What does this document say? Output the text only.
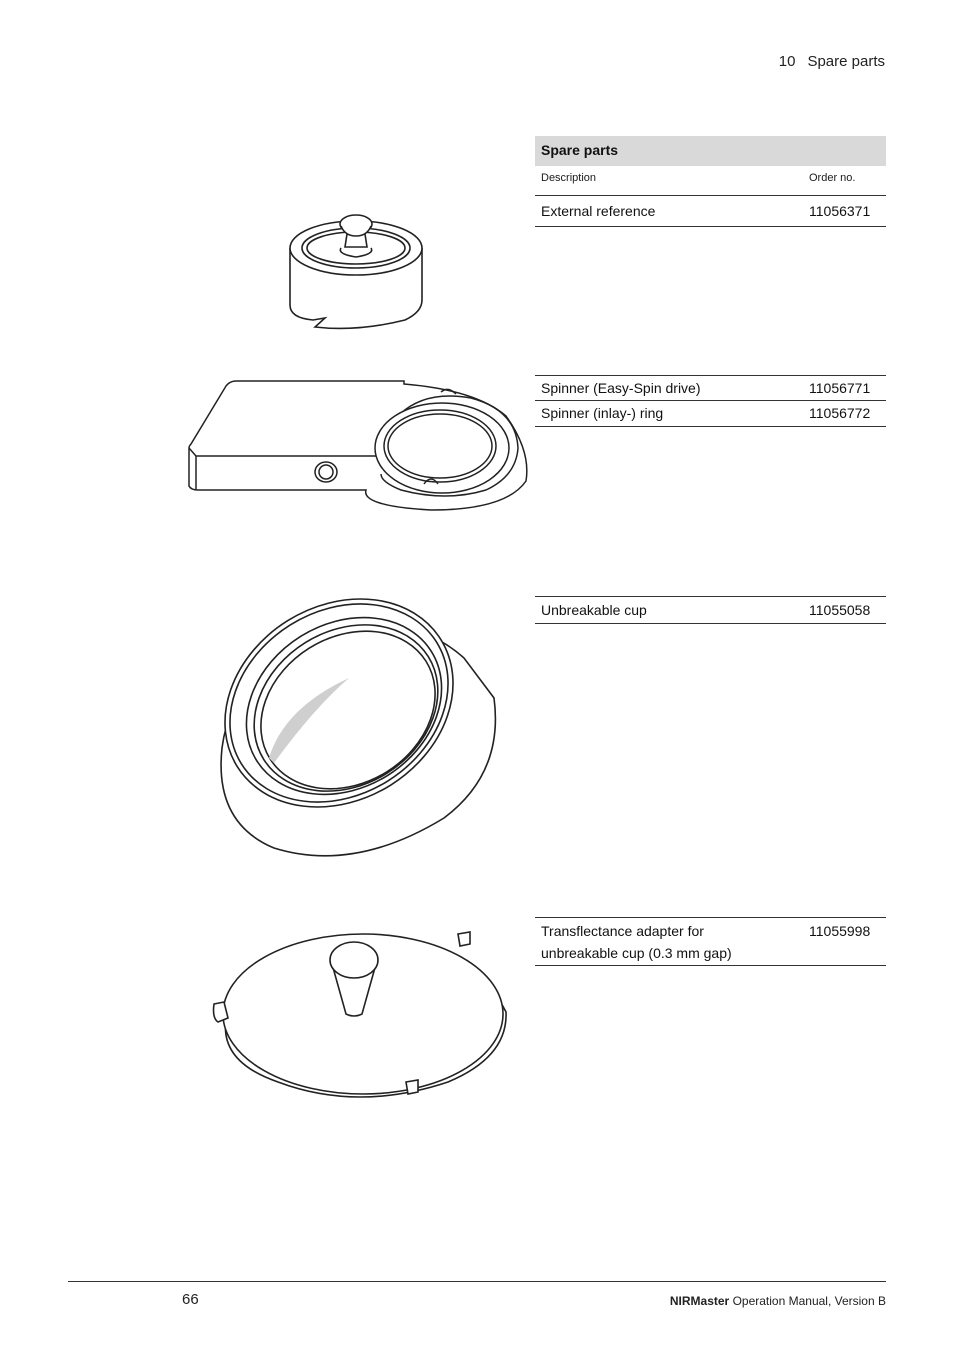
10 Spare parts
Spare parts
Description	Order no.
External reference	11056371
Spinner (Easy-Spin drive)	11056771
Spinner (inlay-) ring	11056772
Unbreakable cup	11055058
Transflectance adapter for
unbreakable cup (0.3 mm gap)
11055998
66	NIRMaster Operation Manual, Version B
